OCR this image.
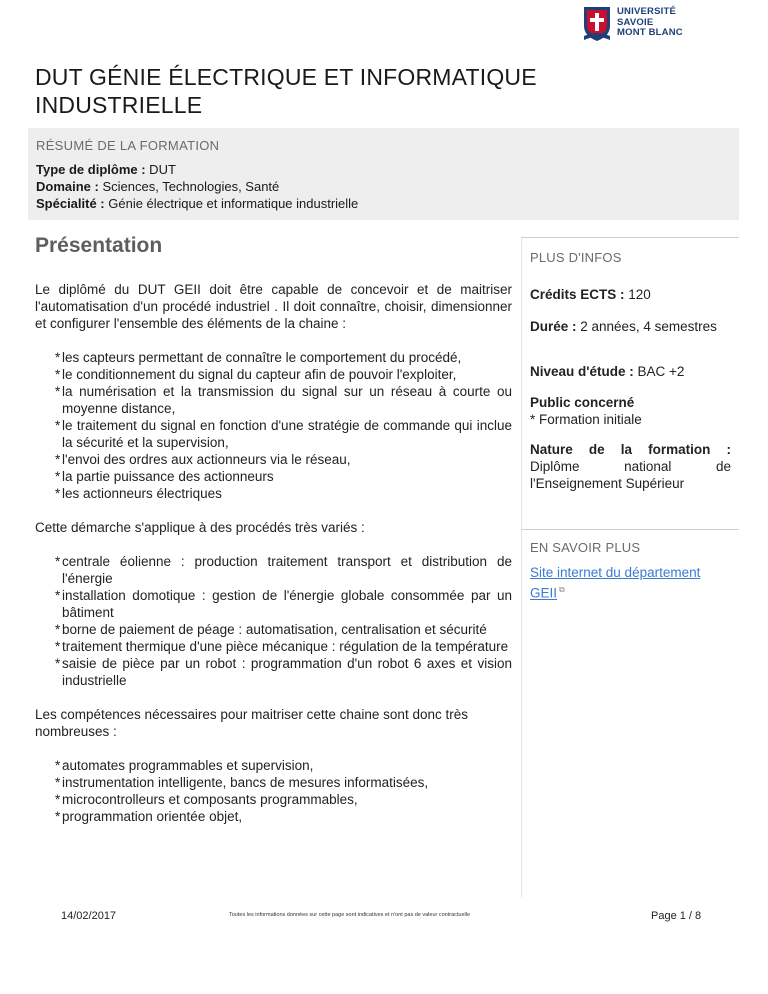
UNIVERSITÉ
SAVOIE
MONT BLANC
DUT GÉNIE ÉLECTRIQUE ET INFORMATIQUE INDUSTRIELLE
RÉSUMÉ DE LA FORMATION
Type de diplôme : DUT
Domaine : Sciences, Technologies, Santé
Spécialité : Génie électrique et informatique industrielle
Présentation

Le diplômé du DUT GEII doit être capable de concevoir et de maitriser l'automatisation d'un procédé industriel . Il doit connaître, choisir, dimensionner et configurer l'ensemble des éléments de la chaine :

* les capteurs permettant de connaître le comportement du procédé,
* le conditionnement du signal du capteur afin de pouvoir l'exploiter,
* la numérisation et la transmission du signal sur un réseau à courte ou moyenne distance,
* le traitement du signal en fonction d'une stratégie de commande qui inclue la sécurité et la supervision,
* l'envoi des ordres aux actionneurs via le réseau,
* la partie puissance des actionneurs
* les actionneurs électriques

Cette démarche s'applique à des procédés très variés :

* centrale éolienne : production traitement transport et distribution de l'énergie
* installation domotique : gestion de l'énergie globale consommée par un bâtiment
* borne de paiement de péage : automatisation, centralisation et sécurité
* traitement thermique d'une pièce mécanique : régulation de la température
* saisie de pièce par un robot : programmation d'un robot 6 axes et vision industrielle

Les compétences nécessaires pour maitriser cette chaine sont donc très nombreuses :

* automates programmables et supervision,
* instrumentation intelligente, bancs de mesures informatisées,
* microcontrolleurs et composants programmables,
* programmation orientée objet,
PLUS D'INFOS
Crédits ECTS : 120
Durée : 2 années, 4 semestres
Niveau d'étude : BAC +2
Public concerné
* Formation initiale
Nature de la formation : Diplôme national de l'Enseignement Supérieur
EN SAVOIR PLUS
Site internet du département GEII ⧉
14/02/2017	Toutes les informations données sur cette page sont indicatives et n'ont pas de valeur contractuelle	Page 1 / 8
